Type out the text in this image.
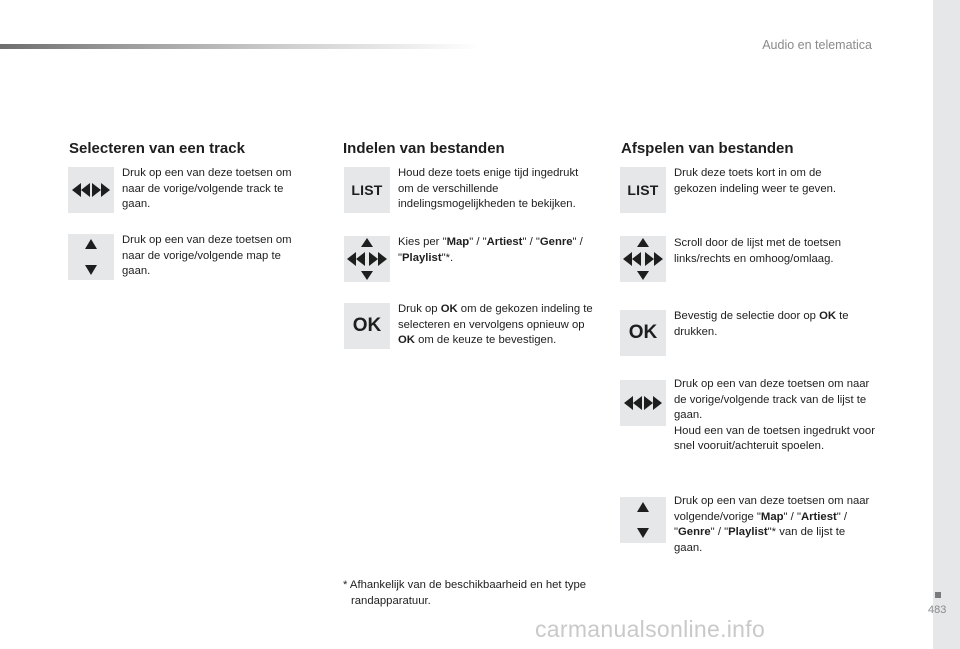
Audio en telematica
483
carmanualsonline.info
Selecteren van een track
Druk op een van deze toetsen om naar de vorige/volgende track te gaan.
Druk op een van deze toetsen om naar de vorige/volgende map te gaan.
Indelen van bestanden
LIST
Houd deze toets enige tijd ingedrukt om de verschillende indelingsmogelijkheden te bekijken.
Kies per "Map" / "Artiest" / "Genre" / "Playlist"*.
OK
Druk op OK om de gekozen indeling te selecteren en vervolgens opnieuw op OK om de keuze te bevestigen.
* Afhankelijk van de beschikbaarheid en het type randapparatuur.
Afspelen van bestanden
LIST
Druk deze toets kort in om de gekozen indeling weer te geven.
Scroll door de lijst met de toetsen links/rechts en omhoog/omlaag.
OK
Bevestig de selectie door op OK te drukken.
Druk op een van deze toetsen om naar de vorige/volgende track van de lijst te gaan.
Houd een van de toetsen ingedrukt voor snel vooruit/achteruit spoelen.
Druk op een van deze toetsen om naar volgende/vorige "Map" / "Artiest" / "Genre" / "Playlist"* van de lijst te gaan.
